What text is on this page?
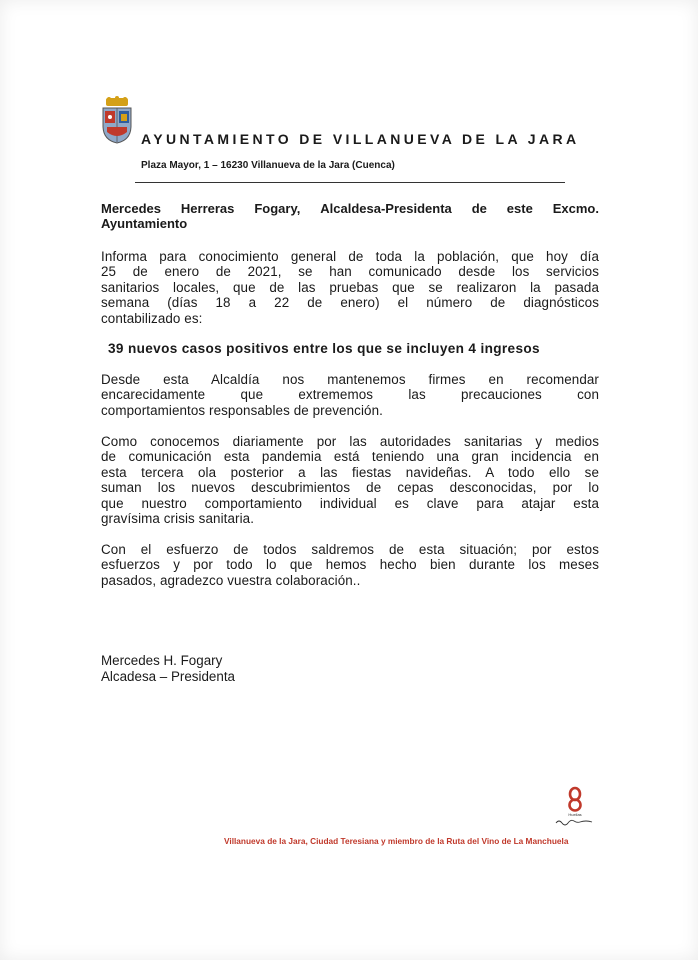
AYUNTAMIENTO DE VILLANUEVA DE LA JARA
Plaza Mayor, 1 – 16230 Villanueva de la Jara (Cuenca)
Mercedes Herreras Fogary, Alcaldesa-Presidenta de este Excmo.
Ayuntamiento
Informa para conocimiento general de toda la población, que hoy día
25 de enero de 2021, se han comunicado desde los servicios
sanitarios locales, que de las pruebas que se realizaron la pasada
semana (días 18 a 22 de enero) el número de diagnósticos
contabilizado es:
39 nuevos casos positivos entre los que se incluyen 4 ingresos
Desde esta Alcaldía nos mantenemos firmes en recomendar
encarecidamente que extrememos las precauciones con
comportamientos responsables de prevención.
Como conocemos diariamente por las autoridades sanitarias y medios
de comunicación esta pandemia está teniendo una gran incidencia en
esta tercera ola posterior a las fiestas navideñas. A todo ello se
suman los nuevos descubrimientos de cepas desconocidas, por lo
que nuestro comportamiento individual es clave para atajar esta
gravísima crisis sanitaria.
Con el esfuerzo de todos saldremos de esta situación; por estos
esfuerzos y por todo lo que hemos hecho bien durante los meses
pasados, agradezco vuestra colaboración..
Mercedes H. Fogary
Alcadesa – Presidenta
Huellas
Villanueva de la Jara, Ciudad Teresiana y miembro de la Ruta del Vino de La Manchuela
